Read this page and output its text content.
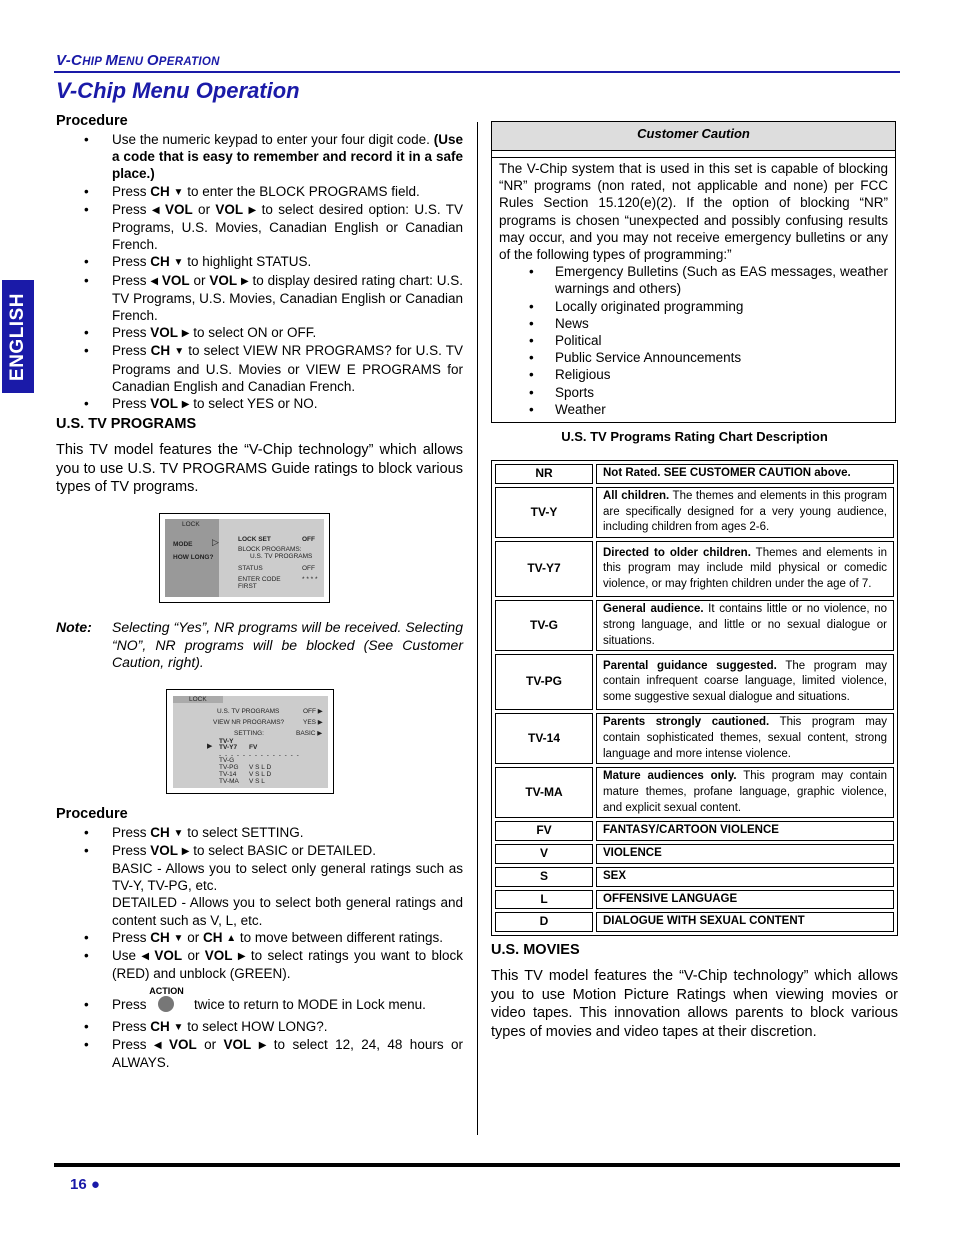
V-CHIP MENU OPERATION
V-Chip Menu Operation
ENGLISH
Procedure
• Use the numeric keypad to enter your four digit code. (Use a code that is easy to remember and record it in a safe place.)
• Press CH ▼ to enter the BLOCK PROGRAMS field.
• Press ◀ VOL or VOL ▶ to select desired option: U.S. TV Programs, U.S. Movies, Canadian English or Canadian French.
• Press CH ▼ to highlight STATUS.
• Press ◀ VOL or VOL ▶ to display desired rating chart: U.S. TV Programs, U.S. Movies, Canadian English or Canadian French.
• Press VOL ▶ to select ON or OFF.
• Press CH ▼ to select VIEW NR PROGRAMS? for U.S. TV Programs and U.S. Movies or VIEW E PROGRAMS for Canadian English and Canadian French.
• Press VOL ▶ to select YES or NO.
U.S. TV PROGRAMS
This TV model features the “V-Chip technology” which allows you to use U.S. TV PROGRAMS Guide ratings to block various types of TV programs.
LOCK
MODE
HOW LONG?
▷	LOCK SET	OFF
BLOCK PROGRAMS:
U.S. TV PROGRAMS
STATUS	OFF
ENTER CODE
FIRST
* * * *
Note:	Selecting “Yes”, NR programs will be received. Selecting “NO”, NR programs will be blocked (See Customer Caution, right).
LOCK
U.S. TV PROGRAMS	OFF ▶
VIEW NR PROGRAMS?	YES ▶
SETTING:	BASIC ▶
TV-Y
▶ TV-Y7 FV
- - - - - - - - - - - - - -
TV-G
TV-PG V S L D
TV-14 V S L D
TV-MA V S L
Procedure
• Press CH ▼ to select SETTING.
• Press VOL ▶ to select BASIC or DETAILED.
BASIC - Allows you to select only general ratings such as TV-Y, TV-PG, etc.
DETAILED - Allows you to select both general ratings and content such as V, L, etc.
• Press CH ▼ or CH ▲ to move between different ratings.
• Use ◀ VOL or VOL ▶ to select ratings you want to block (RED) and unblock (GREEN).
• Press
ACTION
twice to return to MODE in Lock menu.
• Press CH ▼ to select HOW LONG?.
• Press ◀ VOL or VOL ▶ to select 12, 24, 48 hours or ALWAYS.
Customer Caution

The V-Chip system that is used in this set is capable of blocking “NR” programs (non rated, not applicable and none) per FCC Rules Section 15.120(e)(2). If the option of blocking “NR” programs is chosen “unexpected and possibly confusing results may occur, and you may not receive emergency bulletins or any of the following types of programming:”

• Emergency Bulletins (Such as EAS messages, weather warnings and others)
• Locally originated programming
• News
• Political
• Public Service Announcements
• Religious
• Sports
• Weather
U.S. TV Programs Rating Chart Description
NR	Not Rated. SEE CUSTOMER CAUTION above.
TV-Y	All children. The themes and elements in this program are specifically designed for a very young audience, including children from ages 2-6.
TV-Y7	Directed to older children. Themes and elements in this program may include mild physical or comedic violence, or may frighten children under the age of 7.
TV-G	General audience. It contains little or no violence, no strong language, and little or no sexual dialogue or situations.
TV-PG	Parental guidance suggested. The program may contain infrequent coarse language, limited violence, some suggestive sexual dialogue and situations.
TV-14	Parents strongly cautioned. This program may contain sophisticated themes, sexual content, strong language and more intense violence.
TV-MA	Mature audiences only. This program may contain mature themes, profane language, graphic violence, and explicit sexual content.
FV	FANTASY/CARTOON VIOLENCE
V	VIOLENCE
S	SEX
L	OFFENSIVE LANGUAGE
D	DIALOGUE WITH SEXUAL CONTENT
U.S. MOVIES
This TV model features the “V-Chip technology” which allows you to use Motion Picture Ratings when viewing movies or video tapes. This innovation allows parents to block various types of movies and video tapes at their discretion.
16 ●
